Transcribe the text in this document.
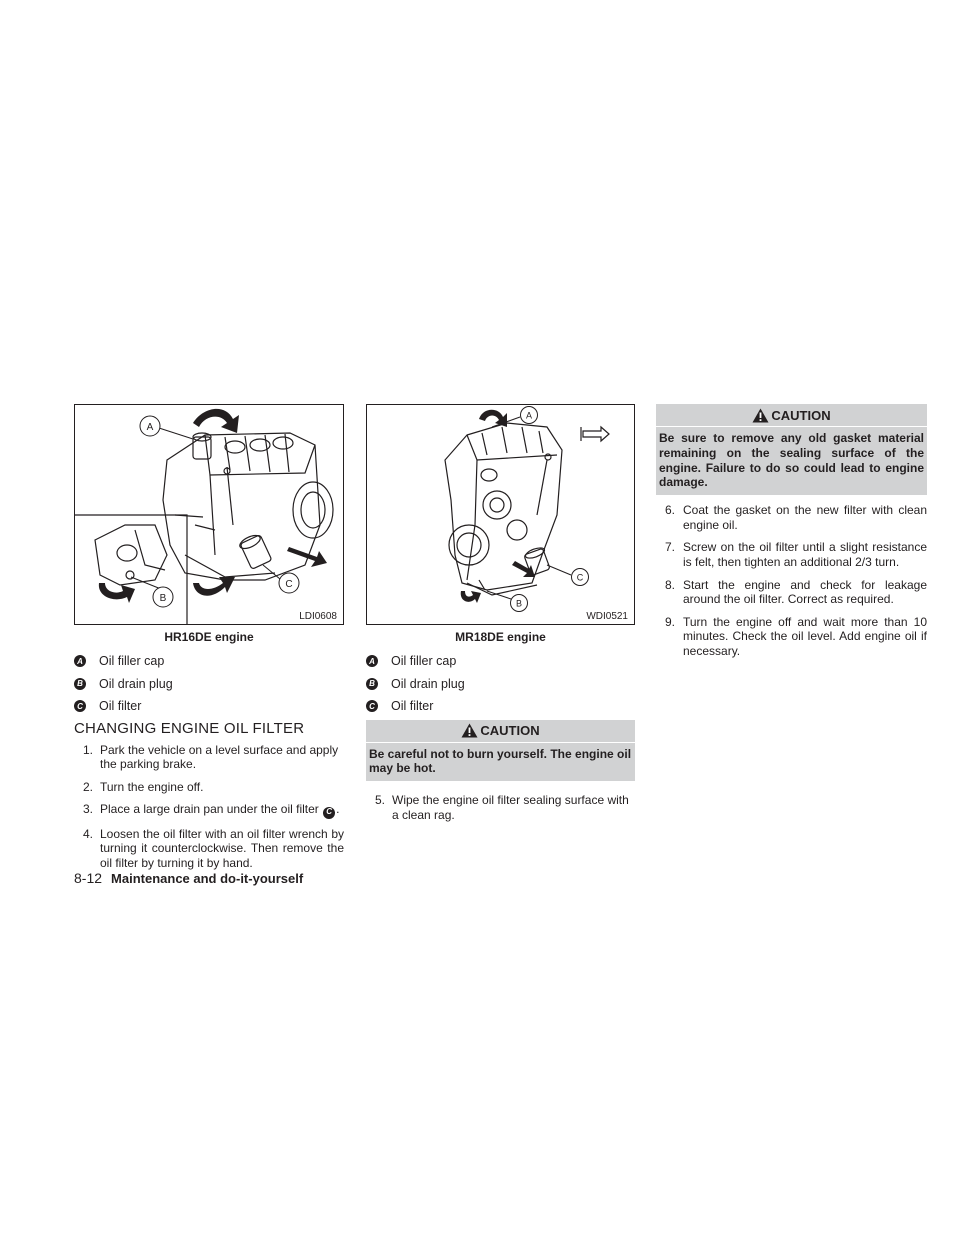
A
B
C
LDI0608
HR16DE engine
A Oil filler cap
B Oil drain plug
C Oil filter
CHANGING ENGINE OIL FILTER
1. Park the vehicle on a level surface and apply the parking brake.
2. Turn the engine off.
3. Place a large drain pan under the oil filter C .
4. Loosen the oil filter with an oil filter wrench by turning it counterclockwise. Then remove the oil filter by turning it by hand.
A
B
C
WDI0521
MR18DE engine
A Oil filler cap
B Oil drain plug
C Oil filter
CAUTION
Be careful not to burn yourself. The engine oil may be hot.
5. Wipe the engine oil filter sealing surface with a clean rag.
CAUTION
Be sure to remove any old gasket material remaining on the sealing surface of the engine. Failure to do so could lead to engine damage.
6. Coat the gasket on the new filter with clean engine oil.
7. Screw on the oil filter until a slight resistance is felt, then tighten an additional 2/3 turn.
8. Start the engine and check for leakage around the oil filter. Correct as required.
9. Turn the engine off and wait more than 10 minutes. Check the oil level. Add engine oil if necessary.
8-12 Maintenance and do-it-yourself
